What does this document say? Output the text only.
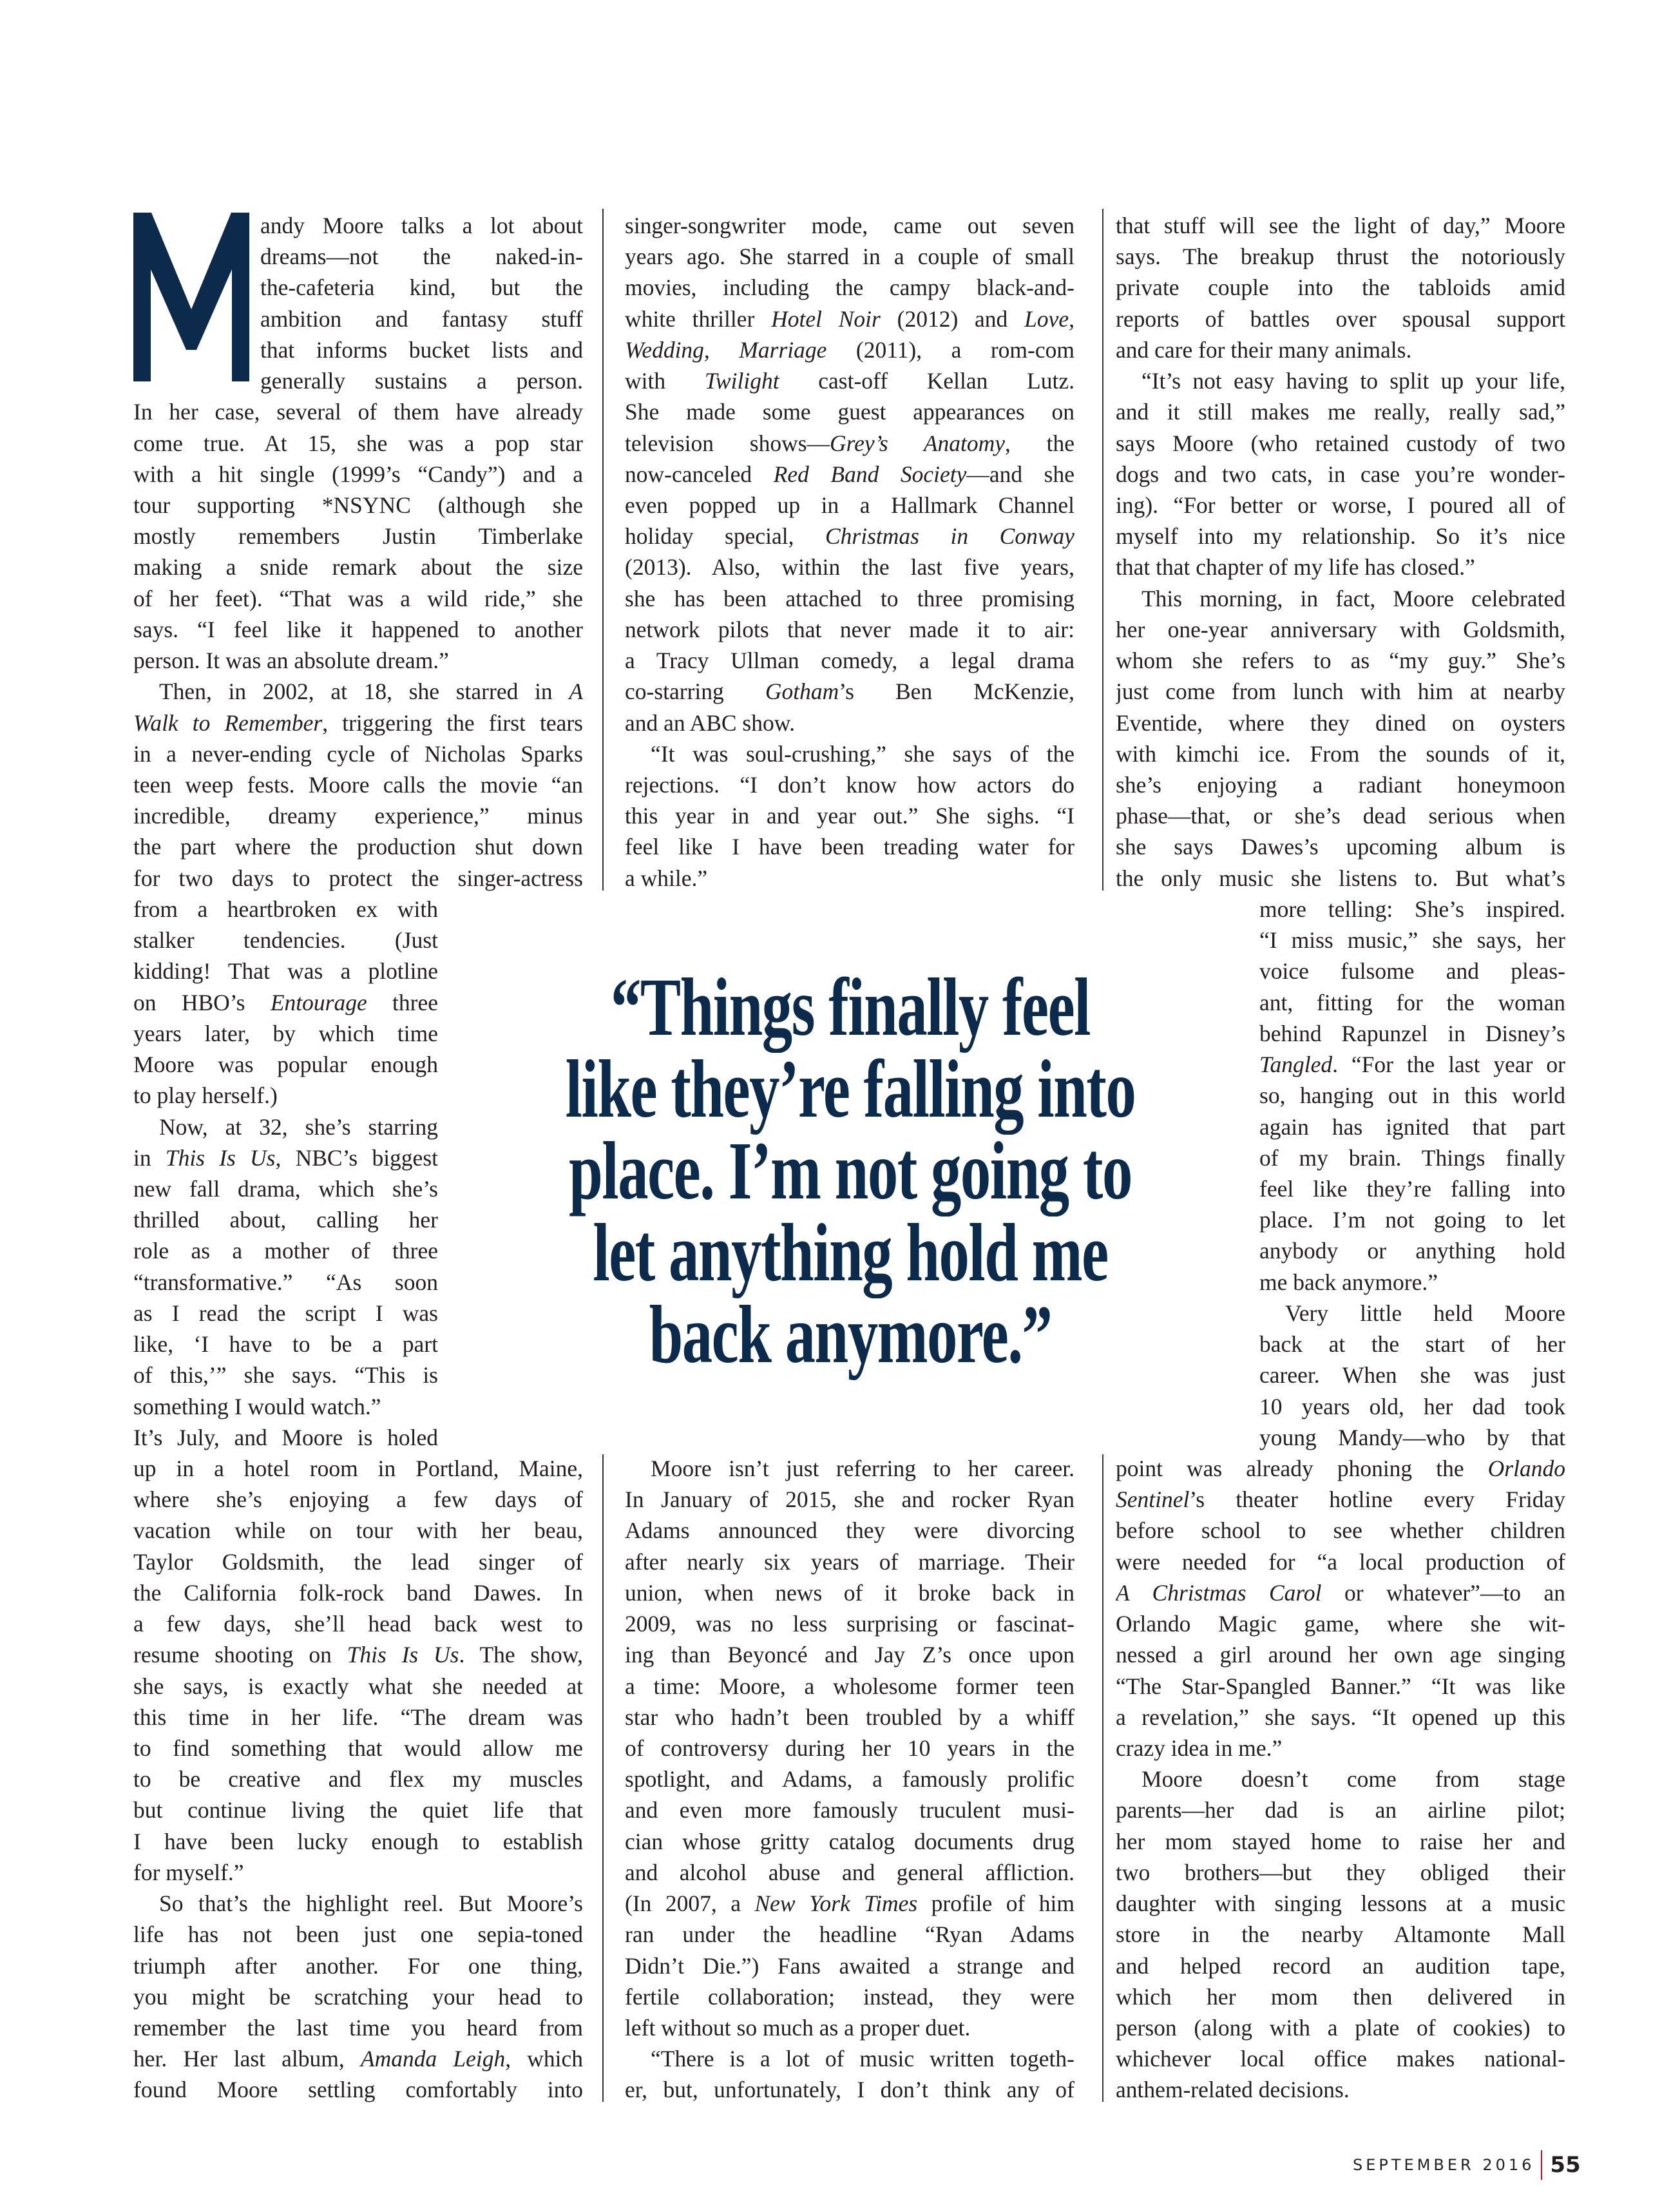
andy Moore talks a lot about
dreams—not the naked-in-
the-cafeteria kind, but the
ambition and fantasy stuff
that informs bucket lists and
generally sustains a person.
In her case, several of them have already
come true. At 15, she was a pop star
with a hit single (1999’s “Candy”) and a
tour supporting *NSYNC (although she
mostly remembers Justin Timberlake
making a snide remark about the size
of her feet). “That was a wild ride,” she
says. “I feel like it happened to another
person. It was an absolute dream.”
Then, in 2002, at 18, she starred in A
Walk to Remember, triggering the first tears
in a never-ending cycle of Nicholas Sparks
teen weep fests. Moore calls the movie “an
incredible, dreamy experience,” minus
the part where the production shut down
for two days to protect the singer-actress
from a heartbroken ex with
stalker tendencies. (Just
kidding! That was a plotline
on HBO’s Entourage three
years later, by which time
Moore was popular enough
to play herself.)
Now, at 32, she’s starring
in This Is Us, NBC’s biggest
new fall drama, which she’s
thrilled about, calling her
role as a mother of three
“transformative.” “As soon
as I read the script I was
like, ‘I have to be a part
of this,’” she says. “This is
something I would watch.”
It’s July, and Moore is holed
up in a hotel room in Portland, Maine,
where she’s enjoying a few days of
vacation while on tour with her beau,
Taylor Goldsmith, the lead singer of
the California folk-rock band Dawes. In
a few days, she’ll head back west to
resume shooting on This Is Us. The show,
she says, is exactly what she needed at
this time in her life. “The dream was
to find something that would allow me
to be creative and flex my muscles
but continue living the quiet life that
I have been lucky enough to establish
for myself.”
So that’s the highlight reel. But Moore’s
life has not been just one sepia-toned
triumph after another. For one thing,
you might be scratching your head to
remember the last time you heard from
her. Her last album, Amanda Leigh, which
found Moore settling comfortably into
singer-songwriter mode, came out seven
years ago. She starred in a couple of small
movies, including the campy black-and-
white thriller Hotel Noir (2012) and Love,
Wedding, Marriage (2011), a rom-com
with Twilight cast-off Kellan Lutz.
She made some guest appearances on
television shows—Grey’s Anatomy, the
now-canceled Red Band Society—and she
even popped up in a Hallmark Channel
holiday special, Christmas in Conway
(2013). Also, within the last five years,
she has been attached to three promising
network pilots that never made it to air:
a Tracy Ullman comedy, a legal drama
co-starring Gotham’s Ben McKenzie,
and an ABC show.
“It was soul-crushing,” she says of the
rejections. “I don’t know how actors do
this year in and year out.” She sighs. “I
feel like I have been treading water for
a while.”
Moore isn’t just referring to her career.
In January of 2015, she and rocker Ryan
Adams announced they were divorcing
after nearly six years of marriage. Their
union, when news of it broke back in
2009, was no less surprising or fascinat-
ing than Beyoncé and Jay Z’s once upon
a time: Moore, a wholesome former teen
star who hadn’t been troubled by a whiff
of controversy during her 10 years in the
spotlight, and Adams, a famously prolific
and even more famously truculent musi-
cian whose gritty catalog documents drug
and alcohol abuse and general affliction.
(In 2007, a New York Times profile of him
ran under the headline “Ryan Adams
Didn’t Die.”) Fans awaited a strange and
fertile collaboration; instead, they were
left without so much as a proper duet.
“There is a lot of music written togeth-
er, but, unfortunately, I don’t think any of
that stuff will see the light of day,” Moore
says. The breakup thrust the notoriously
private couple into the tabloids amid
reports of battles over spousal support
and care for their many animals.
“It’s not easy having to split up your life,
and it still makes me really, really sad,”
says Moore (who retained custody of two
dogs and two cats, in case you’re wonder-
ing). “For better or worse, I poured all of
myself into my relationship. So it’s nice
that that chapter of my life has closed.”
This morning, in fact, Moore celebrated
her one-year anniversary with Goldsmith,
whom she refers to as “my guy.” She’s
just come from lunch with him at nearby
Eventide, where they dined on oysters
with kimchi ice. From the sounds of it,
she’s enjoying a radiant honeymoon
phase—that, or she’s dead serious when
she says Dawes’s upcoming album is
the only music she listens to. But what’s
more telling: She’s inspired.
“I miss music,” she says, her
voice fulsome and pleas-
ant, fitting for the woman
behind Rapunzel in Disney’s
Tangled. “For the last year or
so, hanging out in this world
again has ignited that part
of my brain. Things finally
feel like they’re falling into
place. I’m not going to let
anybody or anything hold
me back anymore.”
Very little held Moore
back at the start of her
career. When she was just
10 years old, her dad took
young Mandy—who by that
point was already phoning the Orlando
Sentinel’s theater hotline every Friday
before school to see whether children
were needed for “a local production of
A Christmas Carol or whatever”—to an
Orlando Magic game, where she wit-
nessed a girl around her own age singing
“The Star-Spangled Banner.” “It was like
a revelation,” she says. “It opened up this
crazy idea in me.”
Moore doesn’t come from stage
parents—her dad is an airline pilot;
her mom stayed home to raise her and
two brothers—but they obliged their
daughter with singing lessons at a music
store in the nearby Altamonte Mall
and helped record an audition tape,
which her mom then delivered in
person (along with a plate of cookies) to
whichever local office makes national-
anthem-related decisions.
“Things finally feel
like they’re falling into
place. I’m not going to
let anything hold me
back anymore.”
SEPTEMBER 2016 55
